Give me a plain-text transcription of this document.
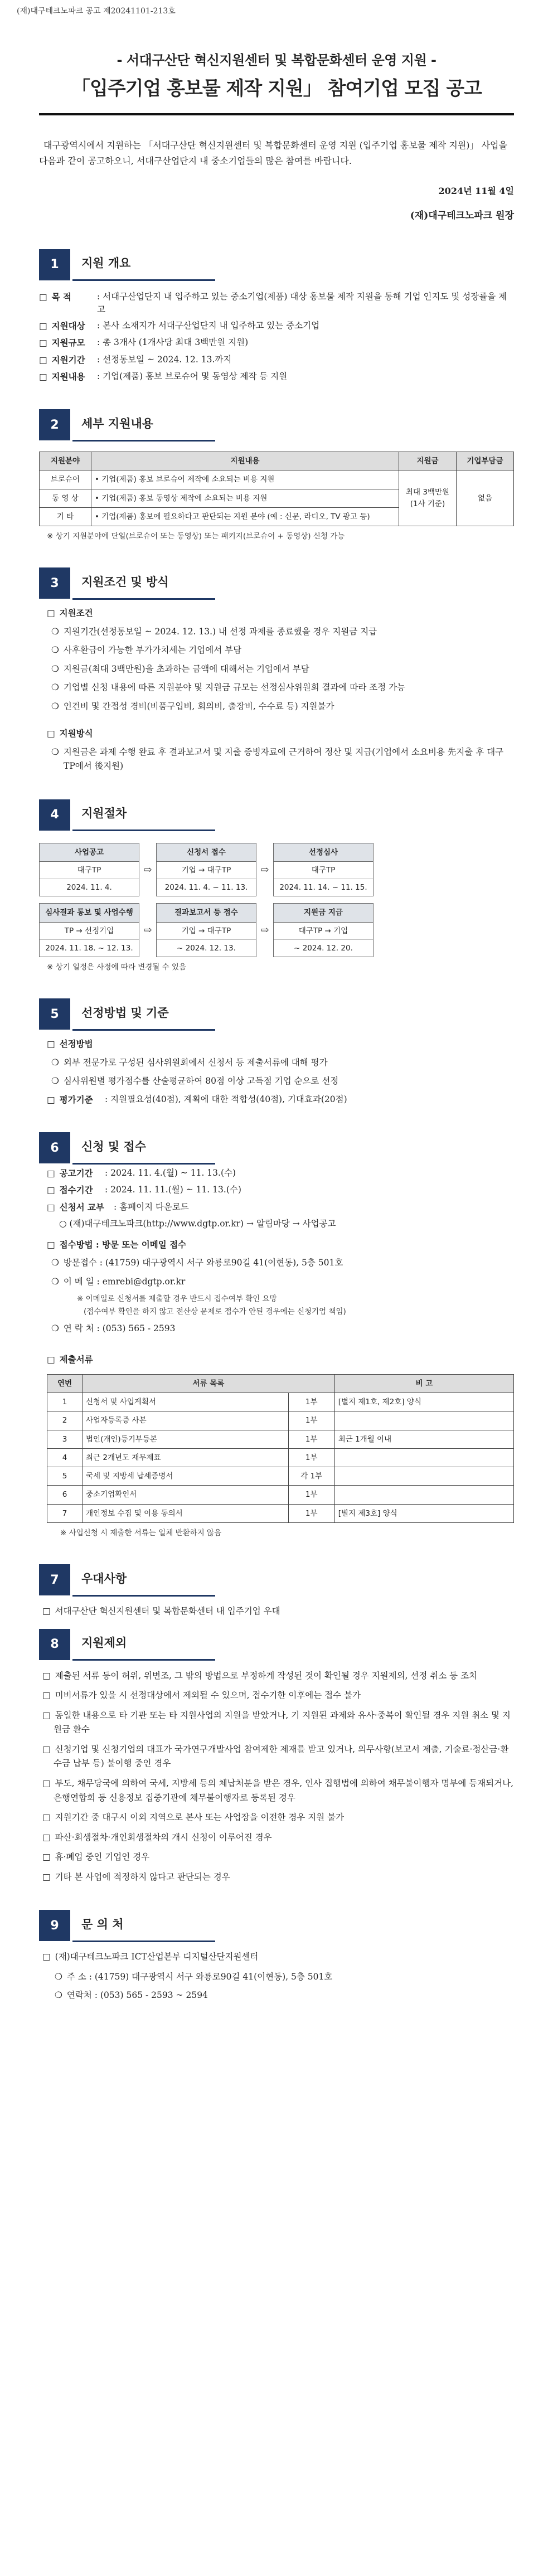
(재)대구테크노파크 공고 제20241101-213호
- 서대구산단 혁신지원센터 및 복합문화센터 운영 지원 -
「입주기업 홍보물 제작 지원」 참여기업 모집 공고
대구광역시에서 지원하는 「서대구산단 혁신지원센터 및 복합문화센터 운영 지원 (입주기업 홍보물 제작 지원)」 사업을 다음과 같이 공고하오니, 서대구산업단지 내 중소기업들의 많은 참여를 바랍니다.
2024년 11월 4일
(재)대구테크노파크 원장
1	지원 개요
□ 목 적	: 서대구산업단지 내 입주하고 있는 중소기업(제품) 대상 홍보물 제작 지원을 통해 기업 인지도 및 성장률을 제고
□ 지원대상	: 본사 소재지가 서대구산업단지 내 입주하고 있는 중소기업
□ 지원규모	: 총 3개사 (1개사당 최대 3백만원 지원)
□ 지원기간	: 선정통보일 ~ 2024. 12. 13.까지
□ 지원내용	: 기업(제품) 홍보 브로슈어 및 동영상 제작 등 지원
2	세부 지원내용
지원분야	지원내용	지원금	기업부담금
브로슈어	• 기업(제품) 홍보 브로슈어 제작에 소요되는 비용 지원	최대 3백만원 (1사 기준)	없음
동 영 상	• 기업(제품) 홍보 동영상 제작에 소요되는 비용 지원		
기 타	• 기업(제품) 홍보에 필요하다고 판단되는 지원 분야 (예 : 신문, 라디오, TV 광고 등)		
※ 상기 지원분야에 단일(브로슈어 또는 동영상) 또는 패키지(브로슈어 + 동영상) 신청 가능
3	지원조건 및 방식
□ 지원조건
❍ 지원기간(선정통보일 ~ 2024. 12. 13.) 내 선정 과제를 종료했을 경우 지원금 지급
❍ 사후환급이 가능한 부가가치세는 기업에서 부담
❍ 지원금(최대 3백만원)을 초과하는 금액에 대해서는 기업에서 부담
❍ 기업별 신청 내용에 따른 지원분야 및 지원금 규모는 선정심사위원회 결과에 따라 조정 가능
❍ 인건비 및 간접성 경비(비품구입비, 회의비, 출장비, 수수료 등) 지원불가
□ 지원방식
❍ 지원금은 과제 수행 완료 후 결과보고서 및 지출 증빙자료에 근거하여 정산 및 지급(기업에서 소요비용 先지출 후 대구TP에서 後지원)
4	지원절차
사업공고
대구TP
2024. 11. 4.
⇨
신청서 접수
기업 → 대구TP
2024. 11. 4. ~ 11. 13.
⇨
선정심사
대구TP
2024. 11. 14. ~ 11. 15.
심사결과 통보 및 사업수행
TP → 선정기업
2024. 11. 18. ~ 12. 13.
⇨
결과보고서 등 접수
기업 → 대구TP
~ 2024. 12. 13.
⇨
지원금 지급
대구TP → 기업
~ 2024. 12. 20.
※ 상기 일정은 사정에 따라 변경될 수 있음
5	선정방법 및 기준
□ 선정방법
❍ 외부 전문가로 구성된 심사위원회에서 신청서 등 제출서류에 대해 평가
❍ 심사위원별 평가점수를 산술평균하여 80점 이상 고득점 기업 순으로 선정
□ 평가기준	: 지원필요성(40점), 계획에 대한 적합성(40점), 기대효과(20점)
6	신청 및 접수
□ 공고기간	: 2024. 11. 4.(월) ~ 11. 13.(수)
□ 접수기간	: 2024. 11. 11.(월) ~ 11. 13.(수)
□ 신청서 교부	: 홈페이지 다운로드
○ (재)대구테크노파크(http://www.dgtp.or.kr) → 알림마당 → 사업공고
□ 접수방법 : 방문 또는 이메일 접수
❍ 방문접수 : (41759) 대구광역시 서구 와룡로90길 41(이현동), 5층 501호
❍ 이 메 일 : emrebi@dgtp.or.kr
※ 이메일로 신청서를 제출할 경우 반드시 접수여부 확인 요망
(접수여부 확인을 하지 않고 전산상 문제로 접수가 안된 경우에는 신청기업 책임)
❍ 연 락 처 : (053) 565 - 2593
□ 제출서류
연번	서류 목록		비 고
1	신청서 및 사업계획서	1부	[별지 제1호, 제2호] 양식
2	사업자등록증 사본	1부	
3	법인(개인)등기부등본	1부	최근 1개월 이내
4	최근 2개년도 재무제표	1부	
5	국세 및 지방세 납세증명서	각 1부	
6	중소기업확인서	1부	
7	개인정보 수집 및 이용 동의서	1부	[별지 제3호] 양식
※ 사업신청 시 제출한 서류는 일체 반환하지 않음
7	우대사항
□ 서대구산단 혁신지원센터 및 복합문화센터 내 입주기업 우대
8	지원제외
□ 제출된 서류 등이 허위, 위변조, 그 밖의 방법으로 부정하게 작성된 것이 확인될 경우 지원제외, 선정 취소 등 조치
□ 미비서류가 있을 시 선정대상에서 제외될 수 있으며, 접수기한 이후에는 접수 불가
□ 동일한 내용으로 타 기관 또는 타 지원사업의 지원을 받았거나, 기 지원된 과제와 유사·중복이 확인될 경우 지원 취소 및 지원금 환수
□ 신청기업 및 신청기업의 대표가 국가연구개발사업 참여제한 제재를 받고 있거나, 의무사항(보고서 제출, 기술료·정산금·환수금 납부 등) 불이행 중인 경우
□ 부도, 채무당국에 의하여 국세, 지방세 등의 체납처분을 받은 경우, 인사 집행법에 의하여 채무불이행자 명부에 등재되거나, 은행연합회 등 신용정보 집중기관에 채무불이행자로 등록된 경우
□ 지원기간 중 대구시 이외 지역으로 본사 또는 사업장을 이전한 경우 지원 불가
□ 파산·회생절차·개인회생절차의 개시 신청이 이루어진 경우
□ 휴·폐업 중인 기업인 경우
□ 기타 본 사업에 적정하지 않다고 판단되는 경우
9	문 의 처
□ (재)대구테크노파크 ICT산업본부 디지털산단지원센터
❍ 주 소 : (41759) 대구광역시 서구 와룡로90길 41(이현동), 5층 501호
❍ 연락처 : (053) 565 - 2593 ~ 2594
